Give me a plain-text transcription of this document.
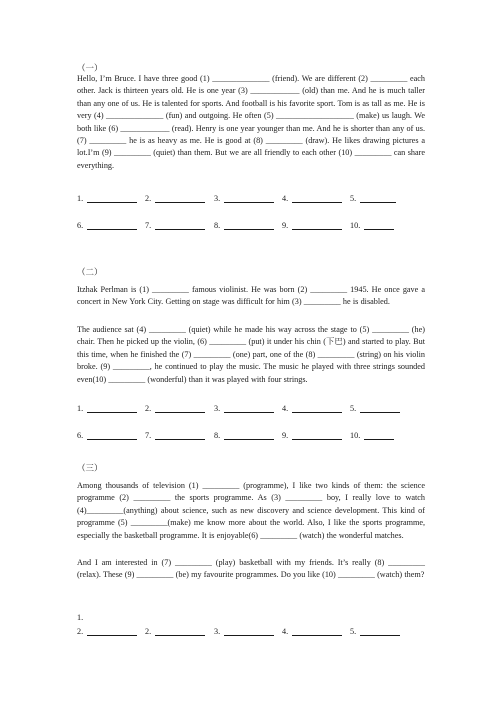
（一）

Hello, I’m Bruce. I have three good (1) ______________ (friend). We are different (2) _________ each other. Jack is thirteen years old. He is one year (3) ____________ (old) than me. And he is much taller than any one of us. He is talented for sports. And football is his favorite sport. Tom is as tall as me. He is very (4) ______________ (fun) and outgoing. He often (5) ___________________ (make) us laugh. We both like (6) ____________ (read). Henry is one year younger than me. And he is shorter than any of us. (7) _________ he is as heavy as me. He is good at (8) _________ (draw). He likes drawing pictures a lot.I’m (9) _________ (quiet) than them. But we are all friendly to each other (10) _________ can share everything.

1.	2.	3.	4.	5.
6.	7.	8.	9.	10.
（二）

Itzhak Perlman is (1) _________ famous violinist. He was born (2) _________ 1945. He once gave a concert in New York City. Getting on stage was difficult for him (3) _________ he is disabled.

The audience sat (4) _________ (quiet) while he made his way across the stage to (5) _________ (he) chair. Then he picked up the violin, (6) _________ (put) it under his chin (下巴) and started to play. But this time, when he finished the (7) _________ (one) part, one of the (8) _________ (string) on his violin broke. (9) _________, he continued to play the music. The music he played with three strings sounded even(10) _________ (wonderful) than it was played with four strings.

1.	2.	3.	4.	5.
6.	7.	8.	9.	10.
（三）

Among thousands of television (1) _________ (programme), I like two kinds of them: the science programme (2) _________ the sports programme. As (3) _________ boy, I really love to watch (4)_________(anything) about science, such as new discovery and science development. This kind of programme (5) _________(make) me know more about the world. Also, I like the sports programme, especially the basketball programme. It is enjoyable(6) _________ (watch) the wonderful matches.

And I am interested in (7) _________ (play) basketball with my friends. It’s really (8) _________ (relax). These (9) _________ (be) my favourite programmes. Do you like (10) _________ (watch) them?

1.
2.	2.	3.	4.	5.
